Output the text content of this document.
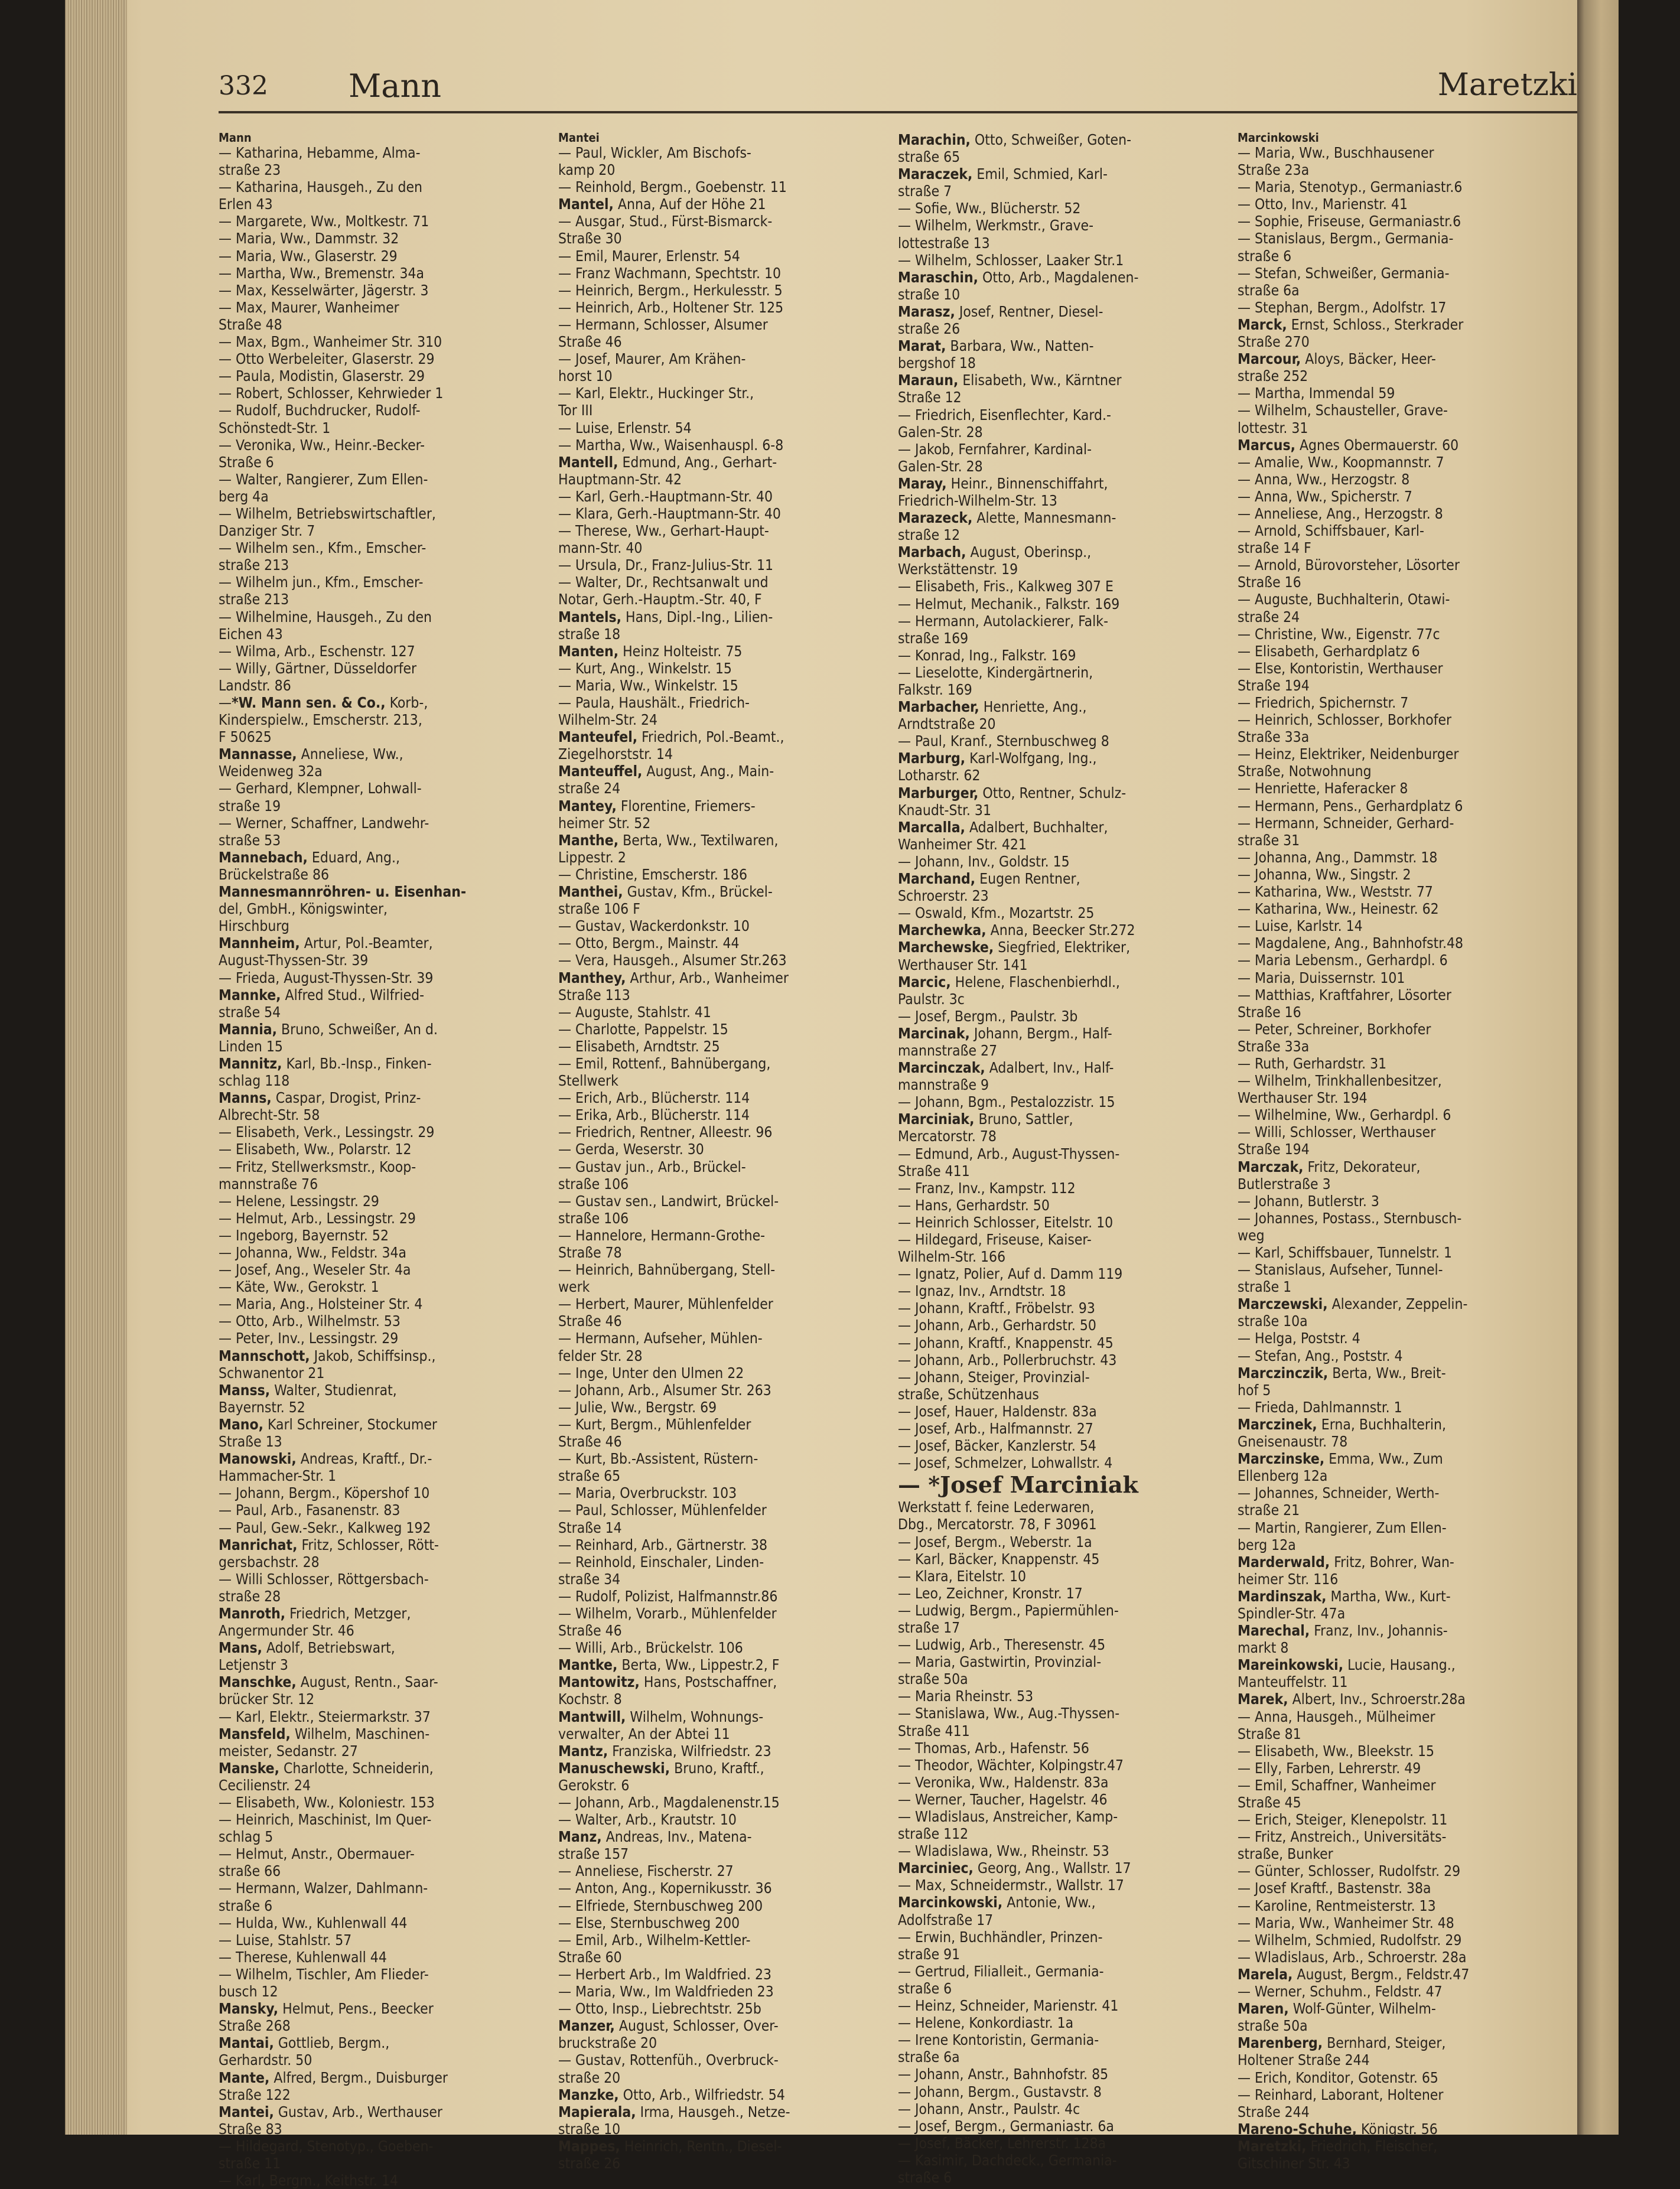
332	Mann	Maretzki
Mann
— Katharina, Hebamme, Alma-
straße 23
— Katharina, Hausgeh., Zu den
Erlen 43
— Margarete, Ww., Moltkestr. 71
— Maria, Ww., Dammstr. 32
— Maria, Ww., Glaserstr. 29
— Martha, Ww., Bremenstr. 34a
— Max, Kesselwärter, Jägerstr. 3
— Max, Maurer, Wanheimer
Straße 48
— Max, Bgm., Wanheimer Str. 310
— Otto Werbeleiter, Glaserstr. 29
— Paula, Modistin, Glaserstr. 29
— Robert, Schlosser, Kehrwieder 1
— Rudolf, Buchdrucker, Rudolf-
Schönstedt-Str. 1
— Veronika, Ww., Heinr.-Becker-
Straße 6
— Walter, Rangierer, Zum Ellen-
berg 4a
— Wilhelm, Betriebswirtschaftler,
Danziger Str. 7
— Wilhelm sen., Kfm., Emscher-
straße 213
— Wilhelm jun., Kfm., Emscher-
straße 213
— Wilhelmine, Hausgeh., Zu den
Eichen 43
— Wilma, Arb., Eschenstr. 127
— Willy, Gärtner, Düsseldorfer
Landstr. 86
—*W. Mann sen. & Co., Korb-,
Kinderspielw., Emscherstr. 213,
F 50625
Mannasse, Anneliese, Ww.,
Weidenweg 32a
— Gerhard, Klempner, Lohwall-
straße 19
— Werner, Schaffner, Landwehr-
straße 53
Mannebach, Eduard, Ang.,
Brückelstraße 86
Mannesmannröhren- u. Eisenhan-
del, GmbH., Königswinter,
Hirschburg
Mannheim, Artur, Pol.-Beamter,
August-Thyssen-Str. 39
— Frieda, August-Thyssen-Str. 39
Mannke, Alfred Stud., Wilfried-
straße 54
Mannia, Bruno, Schweißer, An d.
Linden 15
Mannitz, Karl, Bb.-Insp., Finken-
schlag 118
Manns, Caspar, Drogist, Prinz-
Albrecht-Str. 58
— Elisabeth, Verk., Lessingstr. 29
— Elisabeth, Ww., Polarstr. 12
— Fritz, Stellwerksmstr., Koop-
mannstraße 76
— Helene, Lessingstr. 29
— Helmut, Arb., Lessingstr. 29
— Ingeborg, Bayernstr. 52
— Johanna, Ww., Feldstr. 34a
— Josef, Ang., Weseler Str. 4a
— Käte, Ww., Gerokstr. 1
— Maria, Ang., Holsteiner Str. 4
— Otto, Arb., Wilhelmstr. 53
— Peter, Inv., Lessingstr. 29
Mannschott, Jakob, Schiffsinsp.,
Schwanentor 21
Manss, Walter, Studienrat,
Bayernstr. 52
Mano, Karl Schreiner, Stockumer
Straße 13
Manowski, Andreas, Kraftf., Dr.-
Hammacher-Str. 1
— Johann, Bergm., Köpershof 10
— Paul, Arb., Fasanenstr. 83
— Paul, Gew.-Sekr., Kalkweg 192
Manrichat, Fritz, Schlosser, Rött-
gersbachstr. 28
— Willi Schlosser, Röttgersbach-
straße 28
Manroth, Friedrich, Metzger,
Angermunder Str. 46
Mans, Adolf, Betriebswart,
Letjenstr 3
Manschke, August, Rentn., Saar-
brücker Str. 12
— Karl, Elektr., Steiermarkstr. 37
Mansfeld, Wilhelm, Maschinen-
meister, Sedanstr. 27
Manske, Charlotte, Schneiderin,
Cecilienstr. 24
— Elisabeth, Ww., Koloniestr. 153
— Heinrich, Maschinist, Im Quer-
schlag 5
— Helmut, Anstr., Obermauer-
straße 66
— Hermann, Walzer, Dahlmann-
straße 6
— Hulda, Ww., Kuhlenwall 44
— Luise, Stahlstr. 57
— Therese, Kuhlenwall 44
— Wilhelm, Tischler, Am Flieder-
busch 12
Mansky, Helmut, Pens., Beecker
Straße 268
Mantai, Gottlieb, Bergm.,
Gerhardstr. 50
Mante, Alfred, Bergm., Duisburger
Straße 122
Mantei, Gustav, Arb., Werthauser
Straße 83
— Hildegard, Stenotyp., Goeben-
straße 11
— Karl, Bergm., Keithstr. 14
Mantei
— Paul, Wickler, Am Bischofs-
kamp 20
— Reinhold, Bergm., Goebenstr. 11
Mantel, Anna, Auf der Höhe 21
— Ausgar, Stud., Fürst-Bismarck-
Straße 30
— Emil, Maurer, Erlenstr. 54
— Franz Wachmann, Spechtstr. 10
— Heinrich, Bergm., Herkulesstr. 5
— Heinrich, Arb., Holtener Str. 125
— Hermann, Schlosser, Alsumer
Straße 46
— Josef, Maurer, Am Krähen-
horst 10
— Karl, Elektr., Huckinger Str.,
Tor III
— Luise, Erlenstr. 54
— Martha, Ww., Waisenhauspl. 6-8
Mantell, Edmund, Ang., Gerhart-
Hauptmann-Str. 42
— Karl, Gerh.-Hauptmann-Str. 40
— Klara, Gerh.-Hauptmann-Str. 40
— Therese, Ww., Gerhart-Haupt-
mann-Str. 40
— Ursula, Dr., Franz-Julius-Str. 11
— Walter, Dr., Rechtsanwalt und
Notar, Gerh.-Hauptm.-Str. 40, F
Mantels, Hans, Dipl.-Ing., Lilien-
straße 18
Manten, Heinz Holteistr. 75
— Kurt, Ang., Winkelstr. 15
— Maria, Ww., Winkelstr. 15
— Paula, Haushält., Friedrich-
Wilhelm-Str. 24
Manteufel, Friedrich, Pol.-Beamt.,
Ziegelhorststr. 14
Manteuffel, August, Ang., Main-
straße 24
Mantey, Florentine, Friemers-
heimer Str. 52
Manthe, Berta, Ww., Textilwaren,
Lippestr. 2
— Christine, Emscherstr. 186
Manthei, Gustav, Kfm., Brückel-
straße 106 F
— Gustav, Wackerdonkstr. 10
— Otto, Bergm., Mainstr. 44
— Vera, Hausgeh., Alsumer Str.263
Manthey, Arthur, Arb., Wanheimer
Straße 113
— Auguste, Stahlstr. 41
— Charlotte, Pappelstr. 15
— Elisabeth, Arndtstr. 25
— Emil, Rottenf., Bahnübergang,
Stellwerk
— Erich, Arb., Blücherstr. 114
— Erika, Arb., Blücherstr. 114
— Friedrich, Rentner, Alleestr. 96
— Gerda, Weserstr. 30
— Gustav jun., Arb., Brückel-
straße 106
— Gustav sen., Landwirt, Brückel-
straße 106
— Hannelore, Hermann-Grothe-
Straße 78
— Heinrich, Bahnübergang, Stell-
werk
— Herbert, Maurer, Mühlenfelder
Straße 46
— Hermann, Aufseher, Mühlen-
felder Str. 28
— Inge, Unter den Ulmen 22
— Johann, Arb., Alsumer Str. 263
— Julie, Ww., Bergstr. 69
— Kurt, Bergm., Mühlenfelder
Straße 46
— Kurt, Bb.-Assistent, Rüstern-
straße 65
— Maria, Overbruckstr. 103
— Paul, Schlosser, Mühlenfelder
Straße 14
— Reinhard, Arb., Gärtnerstr. 38
— Reinhold, Einschaler, Linden-
straße 34
— Rudolf, Polizist, Halfmannstr.86
— Wilhelm, Vorarb., Mühlenfelder
Straße 46
— Willi, Arb., Brückelstr. 106
Mantke, Berta, Ww., Lippestr.2, F
Mantowitz, Hans, Postschaffner,
Kochstr. 8
Mantwill, Wilhelm, Wohnungs-
verwalter, An der Abtei 11
Mantz, Franziska, Wilfriedstr. 23
Manuschewski, Bruno, Kraftf.,
Gerokstr. 6
— Johann, Arb., Magdalenenstr.15
— Walter, Arb., Krautstr. 10
Manz, Andreas, Inv., Matena-
straße 157
— Anneliese, Fischerstr. 27
— Anton, Ang., Kopernikusstr. 36
— Elfriede, Sternbuschweg 200
— Else, Sternbuschweg 200
— Emil, Arb., Wilhelm-Kettler-
Straße 60
— Herbert Arb., Im Waldfried. 23
— Maria, Ww., Im Waldfrieden 23
— Otto, Insp., Liebrechtstr. 25b
Manzer, August, Schlosser, Over-
bruckstraße 20
— Gustav, Rottenfüh., Overbruck-
straße 20
Manzke, Otto, Arb., Wilfriedstr. 54
Mapierala, Irma, Hausgeh., Netze-
straße 10
Mappes, Heinrich, Rentn., Diesel-
straße 26
Marachin, Otto, Schweißer, Goten-
straße 65
Maraczek, Emil, Schmied, Karl-
straße 7
— Sofie, Ww., Blücherstr. 52
— Wilhelm, Werkmstr., Grave-
lottestraße 13
— Wilhelm, Schlosser, Laaker Str.1
Maraschin, Otto, Arb., Magdalenen-
straße 10
Marasz, Josef, Rentner, Diesel-
straße 26
Marat, Barbara, Ww., Natten-
bergshof 18
Maraun, Elisabeth, Ww., Kärntner
Straße 12
— Friedrich, Eisenflechter, Kard.-
Galen-Str. 28
— Jakob, Fernfahrer, Kardinal-
Galen-Str. 28
Maray, Heinr., Binnenschiffahrt,
Friedrich-Wilhelm-Str. 13
Marazeck, Alette, Mannesmann-
straße 12
Marbach, August, Oberinsp.,
Werkstättenstr. 19
— Elisabeth, Fris., Kalkweg 307 E
— Helmut, Mechanik., Falkstr. 169
— Hermann, Autolackierer, Falk-
straße 169
— Konrad, Ing., Falkstr. 169
— Lieselotte, Kindergärtnerin,
Falkstr. 169
Marbacher, Henriette, Ang.,
Arndtstraße 20
— Paul, Kranf., Sternbuschweg 8
Marburg, Karl-Wolfgang, Ing.,
Lotharstr. 62
Marburger, Otto, Rentner, Schulz-
Knaudt-Str. 31
Marcalla, Adalbert, Buchhalter,
Wanheimer Str. 421
— Johann, Inv., Goldstr. 15
Marchand, Eugen Rentner,
Schroerstr. 23
— Oswald, Kfm., Mozartstr. 25
Marchewka, Anna, Beecker Str.272
Marchewske, Siegfried, Elektriker,
Werthauser Str. 141
Marcic, Helene, Flaschenbierhdl.,
Paulstr. 3c
— Josef, Bergm., Paulstr. 3b
Marcinak, Johann, Bergm., Half-
mannstraße 27
Marcinczak, Adalbert, Inv., Half-
mannstraße 9
— Johann, Bgm., Pestalozzistr. 15
Marciniak, Bruno, Sattler,
Mercatorstr. 78
— Edmund, Arb., August-Thyssen-
Straße 411
— Franz, Inv., Kampstr. 112
— Hans, Gerhardstr. 50
— Heinrich Schlosser, Eitelstr. 10
— Hildegard, Friseuse, Kaiser-
Wilhelm-Str. 166
— Ignatz, Polier, Auf d. Damm 119
— Ignaz, Inv., Arndtstr. 18
— Johann, Kraftf., Fröbelstr. 93
— Johann, Arb., Gerhardstr. 50
— Johann, Kraftf., Knappenstr. 45
— Johann, Arb., Pollerbruchstr. 43
— Johann, Steiger, Provinzial-
straße, Schützenhaus
— Josef, Hauer, Haldenstr. 83a
— Josef, Arb., Halfmannstr. 27
— Josef, Bäcker, Kanzlerstr. 54
— Josef, Schmelzer, Lohwallstr. 4
— *Josef Marciniak
Werkstatt f. feine Lederwaren,
Dbg., Mercatorstr. 78, F 30961
— Josef, Bergm., Weberstr. 1a
— Karl, Bäcker, Knappenstr. 45
— Klara, Eitelstr. 10
— Leo, Zeichner, Kronstr. 17
— Ludwig, Bergm., Papiermühlen-
straße 17
— Ludwig, Arb., Theresenstr. 45
— Maria, Gastwirtin, Provinzial-
straße 50a
— Maria Rheinstr. 53
— Stanislawa, Ww., Aug.-Thyssen-
Straße 411
— Thomas, Arb., Hafenstr. 56
— Theodor, Wächter, Kolpingstr.47
— Veronika, Ww., Haldenstr. 83a
— Werner, Taucher, Hagelstr. 46
— Wladislaus, Anstreicher, Kamp-
straße 112
— Wladislawa, Ww., Rheinstr. 53
Marciniec, Georg, Ang., Wallstr. 17
— Max, Schneidermstr., Wallstr. 17
Marcinkowski, Antonie, Ww.,
Adolfstraße 17
— Erwin, Buchhändler, Prinzen-
straße 91
— Gertrud, Filialleit., Germania-
straße 6
— Heinz, Schneider, Marienstr. 41
— Helene, Konkordiastr. 1a
— Irene Kontoristin, Germania-
straße 6a
— Johann, Anstr., Bahnhofstr. 85
— Johann, Bergm., Gustavstr. 8
— Johann, Anstr., Paulstr. 4c
— Josef, Bergm., Germaniastr. 6a
— Josef, Bäcker, Lehrerstr. 128a
— Kasimir, Dachdeck., Germania-
straße 6
Marcinkowski
— Maria, Ww., Buschhausener
Straße 23a
— Maria, Stenotyp., Germaniastr.6
— Otto, Inv., Marienstr. 41
— Sophie, Friseuse, Germaniastr.6
— Stanislaus, Bergm., Germania-
straße 6
— Stefan, Schweißer, Germania-
straße 6a
— Stephan, Bergm., Adolfstr. 17
Marck, Ernst, Schloss., Sterkrader
Straße 270
Marcour, Aloys, Bäcker, Heer-
straße 252
— Martha, Immendal 59
— Wilhelm, Schausteller, Grave-
lottestr. 31
Marcus, Agnes Obermauerstr. 60
— Amalie, Ww., Koopmannstr. 7
— Anna, Ww., Herzogstr. 8
— Anna, Ww., Spicherstr. 7
— Anneliese, Ang., Herzogstr. 8
— Arnold, Schiffsbauer, Karl-
straße 14 F
— Arnold, Bürovorsteher, Lösorter
Straße 16
— Auguste, Buchhalterin, Otawi-
straße 24
— Christine, Ww., Eigenstr. 77c
— Elisabeth, Gerhardplatz 6
— Else, Kontoristin, Werthauser
Straße 194
— Friedrich, Spichernstr. 7
— Heinrich, Schlosser, Borkhofer
Straße 33a
— Heinz, Elektriker, Neidenburger
Straße, Notwohnung
— Henriette, Haferacker 8
— Hermann, Pens., Gerhardplatz 6
— Hermann, Schneider, Gerhard-
straße 31
— Johanna, Ang., Dammstr. 18
— Johanna, Ww., Singstr. 2
— Katharina, Ww., Weststr. 77
— Katharina, Ww., Heinestr. 62
— Luise, Karlstr. 14
— Magdalene, Ang., Bahnhofstr.48
— Maria Lebensm., Gerhardpl. 6
— Maria, Duissernstr. 101
— Matthias, Kraftfahrer, Lösorter
Straße 16
— Peter, Schreiner, Borkhofer
Straße 33a
— Ruth, Gerhardstr. 31
— Wilhelm, Trinkhallenbesitzer,
Werthauser Str. 194
— Wilhelmine, Ww., Gerhardpl. 6
— Willi, Schlosser, Werthauser
Straße 194
Marczak, Fritz, Dekorateur,
Butlerstraße 3
— Johann, Butlerstr. 3
— Johannes, Postass., Sternbusch-
weg
— Karl, Schiffsbauer, Tunnelstr. 1
— Stanislaus, Aufseher, Tunnel-
straße 1
Marczewski, Alexander, Zeppelin-
straße 10a
— Helga, Poststr. 4
— Stefan, Ang., Poststr. 4
Marczinczik, Berta, Ww., Breit-
hof 5
— Frieda, Dahlmannstr. 1
Marczinek, Erna, Buchhalterin,
Gneisenaustr. 78
Marczinske, Emma, Ww., Zum
Ellenberg 12a
— Johannes, Schneider, Werth-
straße 21
— Martin, Rangierer, Zum Ellen-
berg 12a
Marderwald, Fritz, Bohrer, Wan-
heimer Str. 116
Mardinszak, Martha, Ww., Kurt-
Spindler-Str. 47a
Marechal, Franz, Inv., Johannis-
markt 8
Mareinkowski, Lucie, Hausang.,
Manteuffelstr. 11
Marek, Albert, Inv., Schroerstr.28a
— Anna, Hausgeh., Mülheimer
Straße 81
— Elisabeth, Ww., Bleekstr. 15
— Elly, Farben, Lehrerstr. 49
— Emil, Schaffner, Wanheimer
Straße 45
— Erich, Steiger, Klenepolstr. 11
— Fritz, Anstreich., Universitäts-
straße, Bunker
— Günter, Schlosser, Rudolfstr. 29
— Josef Kraftf., Bastenstr. 38a
— Karoline, Rentmeisterstr. 13
— Maria, Ww., Wanheimer Str. 48
— Wilhelm, Schmied, Rudolfstr. 29
— Wladislaus, Arb., Schroerstr. 28a
Marela, August, Bergm., Feldstr.47
— Werner, Schuhm., Feldstr. 47
Maren, Wolf-Günter, Wilhelm-
straße 50a
Marenberg, Bernhard, Steiger,
Holtener Straße 244
— Erich, Konditor, Gotenstr. 65
— Reinhard, Laborant, Holtener
Straße 244
Mareno-Schuhe, Königstr. 56
Maretzki, Friedrich, Fleischer,
Gitschiner Str. 43
